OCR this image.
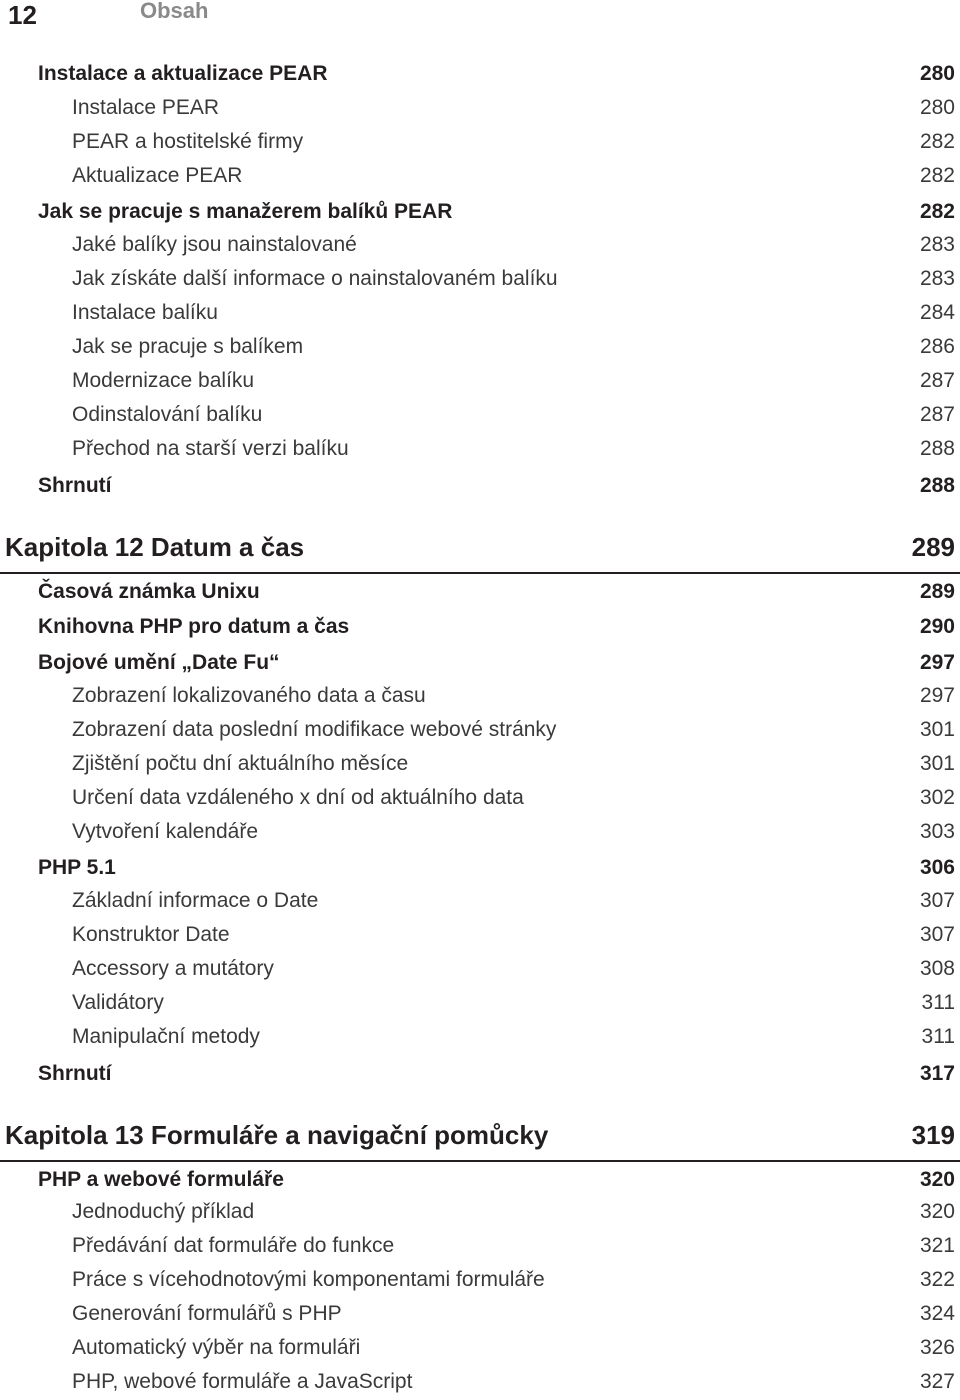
12	Obsah
Instalace a aktualizace PEAR	280
Instalace PEAR	280
PEAR a hostitelské firmy	282
Aktualizace PEAR	282
Jak se pracuje s manažerem balíků PEAR	282
Jaké balíky jsou nainstalované	283
Jak získáte další informace o nainstalovaném balíku	283
Instalace balíku	284
Jak se pracuje s balíkem	286
Modernizace balíku	287
Odinstalování balíku	287
Přechod na starší verzi balíku	288
Shrnutí	288
Kapitola 12 Datum a čas	289
Časová známka Unixu	289
Knihovna PHP pro datum a čas	290
Bojové umění „Date Fu“	297
Zobrazení lokalizovaného data a času	297
Zobrazení data poslední modifikace webové stránky	301
Zjištění počtu dní aktuálního měsíce	301
Určení data vzdáleného x dní od aktuálního data	302
Vytvoření kalendáře	303
PHP 5.1	306
Základní informace o Date	307
Konstruktor Date	307
Accessory a mutátory	308
Validátory	311
Manipulační metody	311
Shrnutí	317
Kapitola 13 Formuláře a navigační pomůcky	319
PHP a webové formuláře	320
Jednoduchý příklad	320
Předávání dat formuláře do funkce	321
Práce s vícehodnotovými komponentami formuláře	322
Generování formulářů s PHP	324
Automatický výběr na formuláři	326
PHP, webové formuláře a JavaScript	327
